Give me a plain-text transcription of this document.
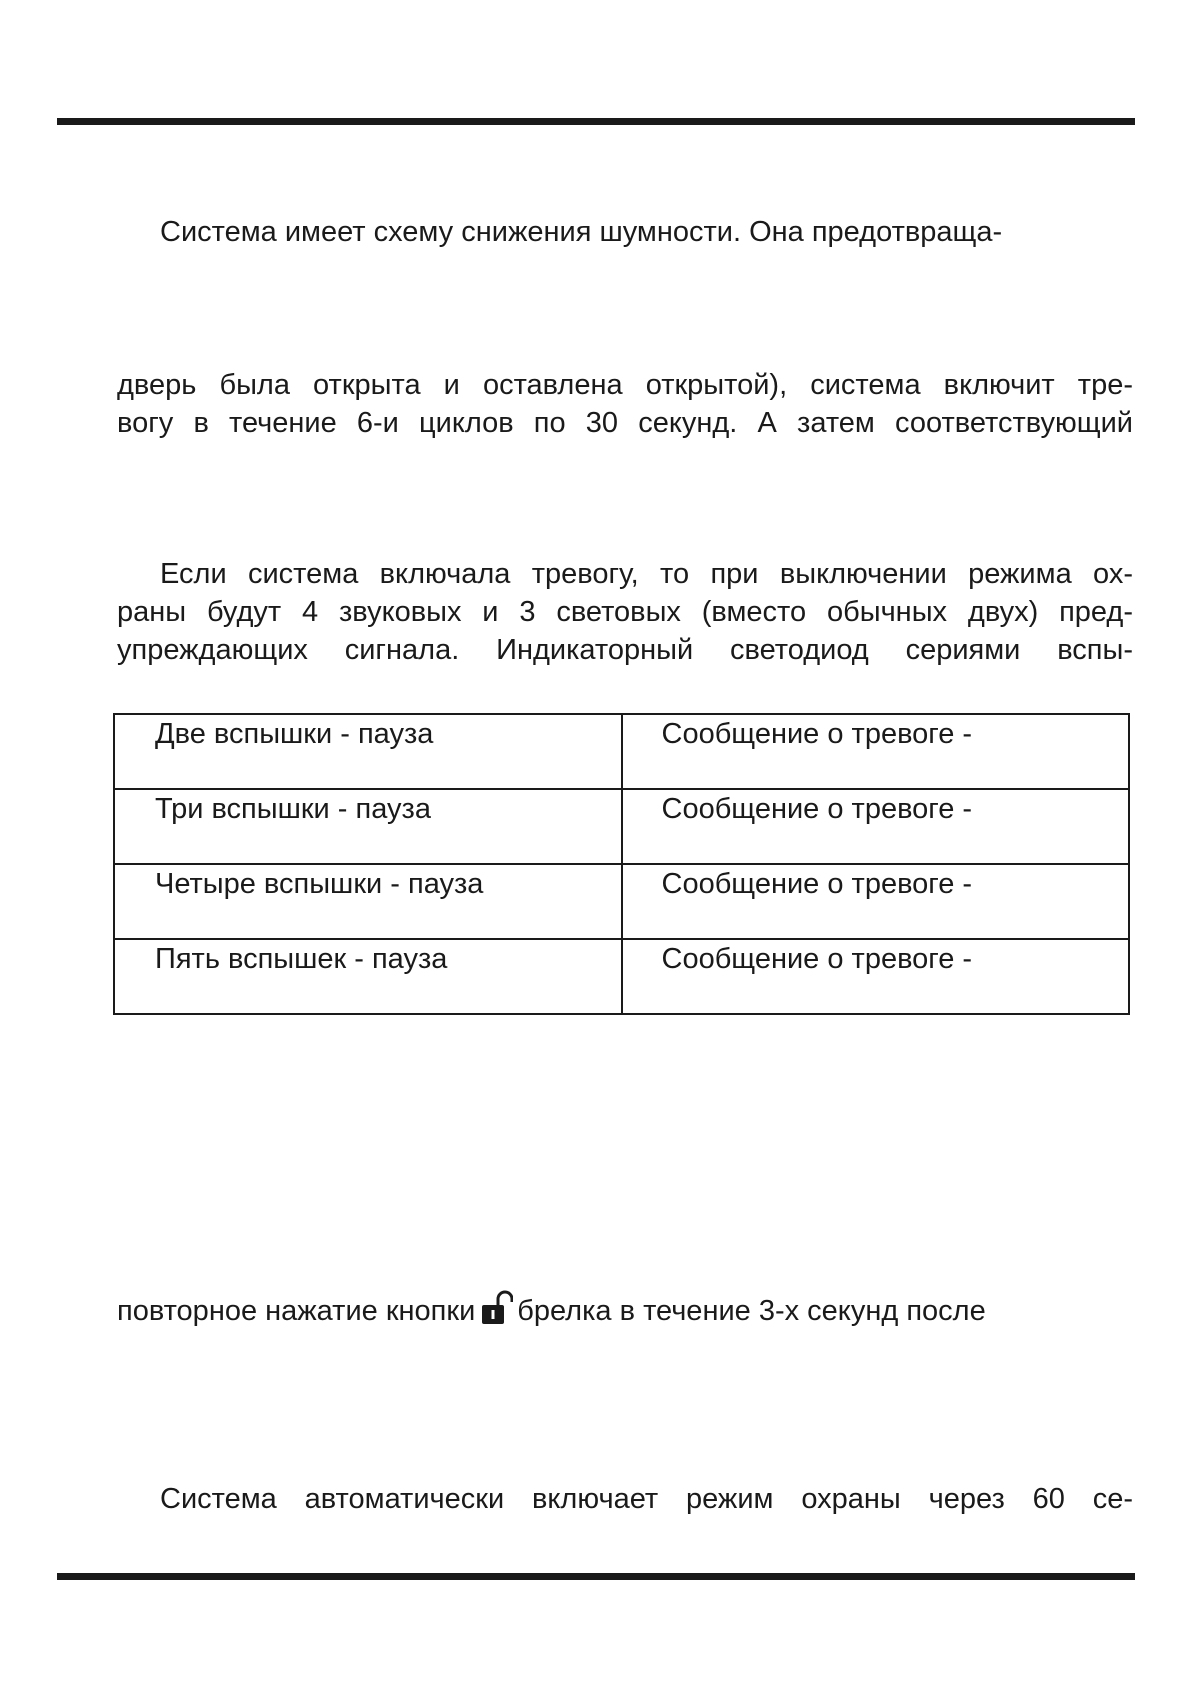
Система имеет схему снижения шумности. Она предотвраща-
дверь была открыта и оставлена открытой), система включит тре-
вогу в течение 6-и циклов по 30 секунд. А затем соответствующий
Если система включала тревогу, то при выключении режима ох-
раны будут 4 звуковых и 3 световых (вместо обычных двух) пред-
упреждающих сигнала. Индикаторный светодиод сериями вспы-
Две вспышки - пауза	Сообщение о тревоге -

Три вспышки - пауза	Сообщение о тревоге -

Четыре вспышки - пауза	Сообщение о тревоге -

Пять вспышек - пауза	Сообщение о тревоге -
повторное нажатие кнопки брелка в течение 3-х секунд после
Система автоматически включает режим охраны через 60 се-
